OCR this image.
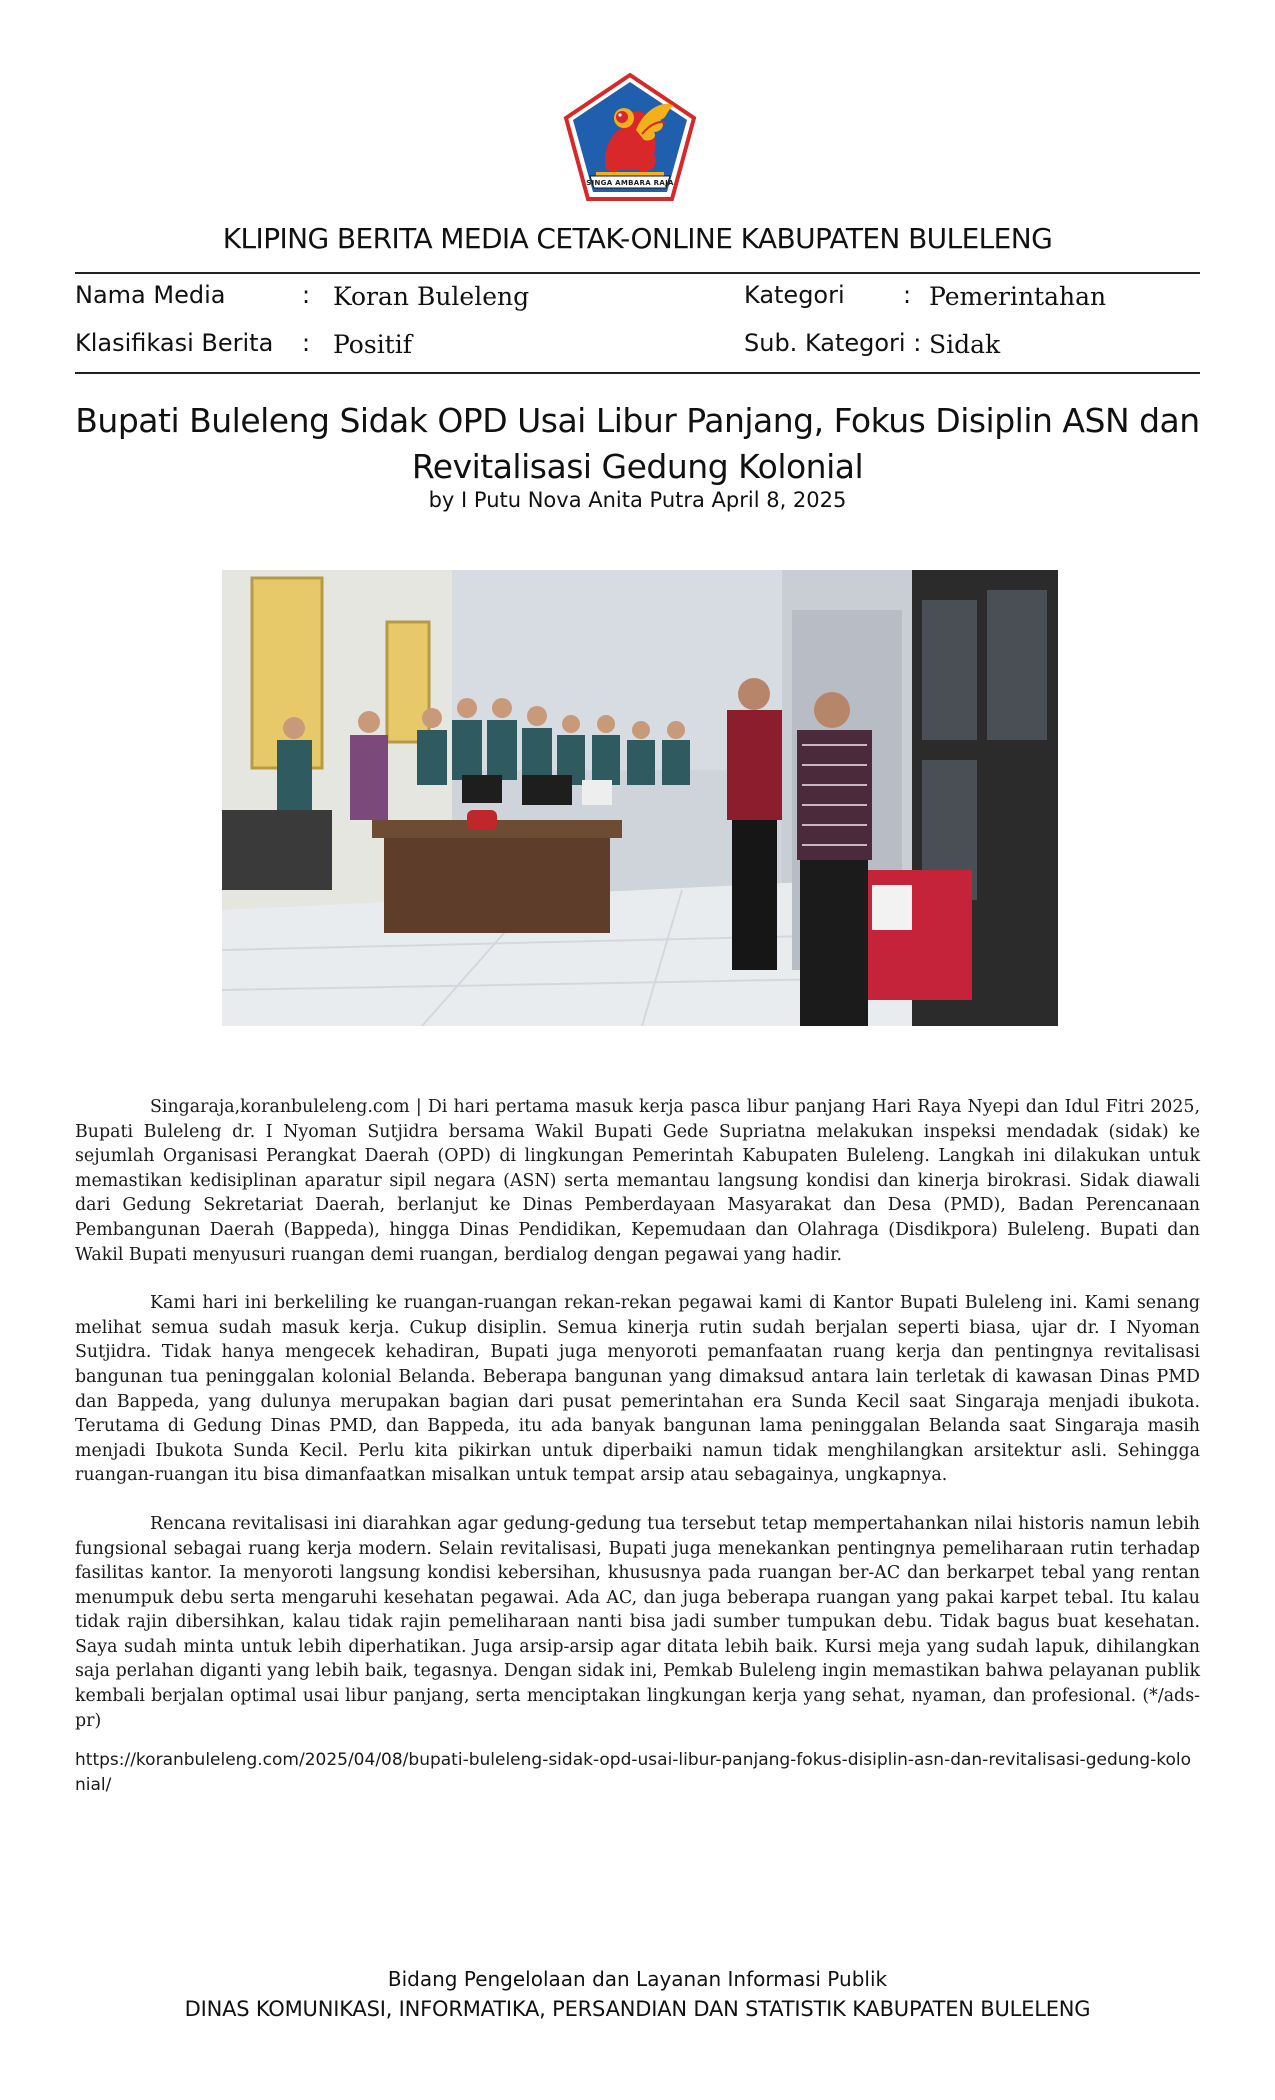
SINGA AMBARA RAJA
KLIPING BERITA MEDIA CETAK-ONLINE KABUPATEN BULELENG
Nama Media	: Koran Buleleng	Kategori : Pemerintahan
Klasifikasi Berita : Positif	Sub. Kategori : Sidak
Bupati Buleleng Sidak OPD Usai Libur Panjang, Fokus Disiplin ASN dan Revitalisasi Gedung Kolonial
by I Putu Nova Anita Putra April 8, 2025

Singaraja,koranbuleleng.com | Di hari pertama masuk kerja pasca libur panjang Hari Raya Nyepi dan Idul Fitri 2025, Bupati Buleleng dr. I Nyoman Sutjidra bersama Wakil Bupati Gede Supriatna melakukan inspeksi mendadak (sidak) ke sejumlah Organisasi Perangkat Daerah (OPD) di lingkungan Pemerintah Kabupaten Buleleng. Langkah ini dilakukan untuk memastikan kedisiplinan aparatur sipil negara (ASN) serta memantau langsung kondisi dan kinerja birokrasi. Sidak diawali dari Gedung Sekretariat Daerah, berlanjut ke Dinas Pemberdayaan Masyarakat dan Desa (PMD), Badan Perencanaan Pembangunan Daerah (Bappeda), hingga Dinas Pendidikan, Kepemudaan dan Olahraga (Disdikpora) Buleleng. Bupati dan Wakil Bupati menyusuri ruangan demi ruangan, berdialog dengan pegawai yang hadir.

Kami hari ini berkeliling ke ruangan-ruangan rekan-rekan pegawai kami di Kantor Bupati Buleleng ini. Kami senang melihat semua sudah masuk kerja. Cukup disiplin. Semua kinerja rutin sudah berjalan seperti biasa, ujar dr. I Nyoman Sutjidra. Tidak hanya mengecek kehadiran, Bupati juga menyoroti pemanfaatan ruang kerja dan pentingnya revitalisasi bangunan tua peninggalan kolonial Belanda. Beberapa bangunan yang dimaksud antara lain terletak di kawasan Dinas PMD dan Bappeda, yang dulunya merupakan bagian dari pusat pemerintahan era Sunda Kecil saat Singaraja menjadi ibukota. Terutama di Gedung Dinas PMD, dan Bappeda, itu ada banyak bangunan lama peninggalan Belanda saat Singaraja masih menjadi Ibukota Sunda Kecil. Perlu kita pikirkan untuk diperbaiki namun tidak menghilangkan arsitektur asli. Sehingga ruangan-ruangan itu bisa dimanfaatkan misalkan untuk tempat arsip atau sebagainya, ungkapnya.

Rencana revitalisasi ini diarahkan agar gedung-gedung tua tersebut tetap mempertahankan nilai historis namun lebih fungsional sebagai ruang kerja modern. Selain revitalisasi, Bupati juga menekankan pentingnya pemeliharaan rutin terhadap fasilitas kantor. Ia menyoroti langsung kondisi kebersihan, khususnya pada ruangan ber-AC dan berkarpet tebal yang rentan menumpuk debu serta mengaruhi kesehatan pegawai. Ada AC, dan juga beberapa ruangan yang pakai karpet tebal. Itu kalau tidak rajin dibersihkan, kalau tidak rajin pemeliharaan nanti bisa jadi sumber tumpukan debu. Tidak bagus buat kesehatan. Saya sudah minta untuk lebih diperhatikan. Juga arsip-arsip agar ditata lebih baik. Kursi meja yang sudah lapuk, dihilangkan saja perlahan diganti yang lebih baik, tegasnya. Dengan sidak ini, Pemkab Buleleng ingin memastikan bahwa pelayanan publik kembali berjalan optimal usai libur panjang, serta menciptakan lingkungan kerja yang sehat, nyaman, dan profesional. (*/ads-pr)

https://koranbuleleng.com/2025/04/08/bupati-buleleng-sidak-opd-usai-libur-panjang-fokus-disiplin-asn-dan-revitalisasi-gedung-kolonial/
Bidang Pengelolaan dan Layanan Informasi Publik
DINAS KOMUNIKASI, INFORMATIKA, PERSANDIAN DAN STATISTIK KABUPATEN BULELENG
